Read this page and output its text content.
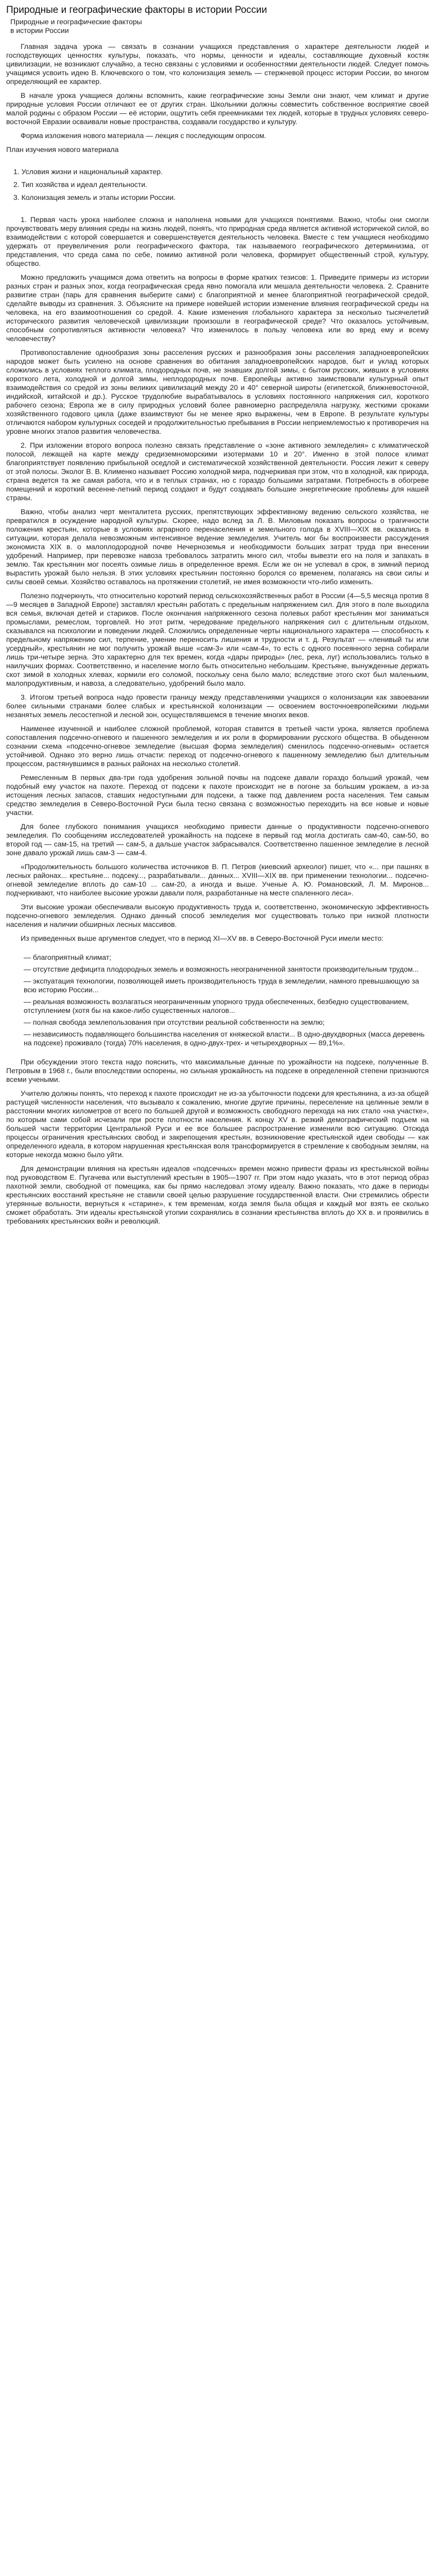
Природные и географические факторы в истории России
Природные и географические факторы
в истории России

Главная задача урока — связать в сознании учащихся представления о характере деятельности людей и господствующих ценностях культуры, показать, что нормы, ценности и идеалы, составляющие духовный костяк цивилизации, не возникают случайно, а тесно связаны с условиями и особенностями деятельности людей. Следует помочь учащимся усвоить идею В. Ключевского о том, что колонизация земель — стержневой процесс истории России, во многом определяющий ее характер.

В начале урока учащиеся должны вспомнить, какие географические зоны Земли они знают, чем климат и другие природные условия России отличают ее от других стран. Школьники должны совместить собственное восприятие своей малой родины с образом России — её истории, ощутить себя преемниками тех людей, которые в трудных условиях северо-восточной Евразии осваивали новые пространства, создавали государство и культуру.

Форма изложения нового материала — лекция с последующим опросом.

План изучения нового материала

1. Условия жизни и национальный характер.
2. Тип хозяйства и идеал деятельности.
3. Колонизация земель и этапы истории России.

1. Первая часть урока наиболее сложна и наполнена новыми для учащихся понятиями. Важно, чтобы они смогли прочувствовать меру влияния среды на жизнь людей, понять, что природная среда является активной историчекой силой, во взаимодействии с которой совершается и совершенствуется деятельность человека. Вместе с тем учащиеся необходимо удержать от преувеличения роли географического фактора, так называемого географического детерминизма, от представления, что среда сама по себе, помимо активной роли человека, формирует общественный строй, культуру, общество.

Можно предложить учащимся дома ответить на вопросы в форме кратких тезисов: 1. Приведите примеры из истории разных стран и разных эпох, когда географическая среда явно помогала или мешала деятельности человека. 2. Сравните развитие стран (парь для сравнения выберите сами) с благоприятной и менее благоприятной географической средой, сделайте выводы из сравнения. 3. Объясните на примере новейшей истории изменение влияния географической среды на человека, на его взаимоотношения со средой. 4. Какие изменения глобального характера за несколько тысячелетий исторического развития человеческой цивилизации произошли в географической среде? Что оказалось устойчивым, способным сопротивляться активности человека? Что изменилось в пользу человека или во вред ему и всему человечеству?

Противопоставление однообразия зоны расселения русских и разнообразия зоны расселения западноевропейских народов может быть усилено на основе сравнения во обитания западноевропейских народов, быт и уклад которых сложились в условиях теплого климата, плодородных почв, не знавших долгой зимы, с бытом русских, живших в условиях короткого лета, холодной и долгой зимы, неплодородных почв. Европейцы активно заимствовали культурный опыт взаимодействия со средой из зоны великих цивилизаций между 20 и 40° северной широты (египетской, ближневосточной, индийской, китайской и др.). Русское трудолюбие вырабатывалось в условиях постоянного напряжения сил, короткого рабочего сезона; Европа же в силу природных условий более равномерно распределяла нагрузку, жесткими сроками хозяйственного годового цикла (даже взаимствуют бы не менее ярко выражены, чем в Европе. В результате культуры отличаются набором культурных соседей и продолжительностью пребывания в России неприемлемостью к противоречия на уровне многих этапов развития человечества.

2. При изложении второго вопроса полезно связать представление о «зоне активного земледелия» с климатической полосой, лежащей на карте между средиземноморскими изотермами 10 и 20°. Именно в этой полосе климат благоприятствует появлению прибыльной оседлой и систематической хозяйственной деятельности. Россия лежит к северу от этой полосы. Эколог В. В. Клименко называет Россию холодной мира, подчеркивая при этом, что в холодной, как природа, страна ведется та же самая работа, что и в теплых странах, но с гораздо большими затратами. Потребность в обогреве помещений и короткий весенне-летний период создают и будут создавать большие энергетические проблемы для нашей страны.

Важно, чтобы анализ черт менталитета русских, препятствующих эффективному ведению сельского хозяйства, не превратился в осуждение народной культуры. Скорее, надо вслед за Л. В. Миловым показать вопросы о трагичности положения крестьян, которые в условиях аграрного перенаселения и земельного голода в XVIII—XIX вв. оказались в ситуации, которая делала невозможным интенсивное ведение земледелия. Учитель мог бы воспроизвести рассуждения экономиста XIX в. о малоплодородной почве Нечерноземья и необходимости больших затрат труда при внесении удобрений. Например, при перевозке навоза требовалось затратить много сил, чтобы вывезти его на поля и запахать в землю. Так крестьянин мог посеять озимые лишь в определенное время. Если же он не успевал в срок, в зимний период вырастить урожай было нельзя. В этих условиях крестьянин постоянно боролся со временем, полагаясь на свои силы и силы своей семьи. Хозяйство оставалось на протяжении столетий, не имея возможности что-либо изменить.

Полезно подчеркнуть, что относительно короткий период сельскохозяйственных работ в России (4—5,5 месяца против 8—9 месяцев в Западной Европе) заставлял крестьян работать с предельным напряжением сил. Для этого в поле выходила вся семья, включая детей и стариков. После окончания напряженного сезона полевых работ крестьянин мог заниматься промыслами, ремеслом, торговлей. Но этот ритм, чередование предельного напряжения сил с длительным отдыхом, сказывался на психологии и поведении людей. Сложились определенные черты национального характера — способность к предельному напряжению сил, терпение, умение переносить лишения и трудности и т. д. Результат — «ленивый ты или усердный», крестьянин не мог получить урожай выше «сам-3» или «сам-4», то есть с одного посеянного зерна собирали лишь три-четыре зерна. Это характерно для тех времен, когда «дары природы» (лес, река, луг) использовались только в наилучших формах. Соответственно, и население могло быть относительно небольшим. Крестьяне, вынужденные держать скот зимой в холодных хлевах, кормили его соломой, поскольку сена было мало; вследствие этого скот был маленьким, малопродуктивным, и навоза, а следовательно, удобрений было мало.

3. Итогом третьей вопроса надо провести границу между представлениями учащихся о колонизации как завоевании более сильными странами более слабых и крестьянской колонизации — освоением восточноевропейскими людьми незанятых земель лесостепной и лесной зон, осуществлявшемся в течение многих веков.

Наименее изученной и наиболее сложной проблемой, которая ставится в третьей части урока, является проблема сопоставления подсечно-огневого и пашенного земледелия и их роли в формировании русского общества. В обыденном сознании схема «подсечно-огневое земледелие (высшая форма земледелия) сменилось подсечно-огневым» остается устойчивой. Однако это верно лишь отчасти: переход от подсечно-огневого к пашенному земледелию был длительным процессом, растянувшимся в разных районах на несколько столетий.

Ремесленным В первых два-три года удобрения зольной почвы на подсеке давали гораздо больший урожай, чем подобный ему участок на пахоте. Переход от подсеки к пахоте происходит не в погоне за большим урожаем, а из-за истощения лесных запасов, ставших недоступными для подсеки, а также под давлением роста населения. Тем самым средство земледелия в Северо-Восточной Руси была тесно связана с возможностью переходить на все новые и новые участки.

Для более глубокого понимания учащихся необходимо привести данные о продуктивности подсечно-огневого земледелия. По сообщениям исследователей урожайность на подсеке в первый год могла достигать сам-40, сам-50, во второй год — сам-15, на третий — сам-5, а дальше участок забрасывался. Соответственно пашенное земледелие в лесной зоне давало урожай лишь сам-3 — сам-4.

«Продолжительность большого количества источников В. П. Петров (киевский археолог) пишет, что «... при пашнях в лесных районах... крестьяне... подсеку..., разрабатывали... данных... XVIII—XIX вв. при применении технологии... подсечно-огневой земледелие вплоть до сам-10 ... сам-20, а иногда и выше. Ученые А. Ю. Романовский, Л. М. Миронов... подчеркивают, что наиболее высокие урожаи давали поля, разработанные на месте спаленного леса».

Эти высокие урожаи обеспечивали высокую продуктивность труда и, соответственно, экономическую эффективность подсечно-огневого земледелия. Однако данный способ земледелия мог существовать только при низкой плотности населения и наличии обширных лесных массивов.

Из приведенных выше аргументов следует, что в период XI—XV вв. в Северо-Восточной Руси имели место:

— благоприятный климат;
— отсутствие дефицита плодородных земель и возможность неограниченной занятости производительным трудом...
— экспуатация технологии, позволяющей иметь производительность труда в земледелии, намного превышающую за всю историю России...
— реальная возможность возлагаться неограниченным упорного труда обеспеченных, безбедно существованием, отступлением (хотя бы на какое-либо существенных налогов...
— полная свобода землепользования при отсутствии реальной собственности на землю;
— независимость подавляющего большинства населения от княжеской власти... В одно-двухдворных (масса деревень на подсеке) проживало (тогда) 70% населения, в одно-двух-трех- и четырехдворных — 89,1%».

При обсуждении этого текста надо пояснить, что максимальные данные по урожайности на подсеке, полученные В. Петровым в 1968 г., были впоследствии оспорены, но сильная урожайность на подсеке в определенной степени признаются всеми учеными.

Учителю должны понять, что переход к пахоте происходит не из-за убыточности подсеки для крестьянина, а из-за общей растущей численности населения, что вызывало к сожалению, многие другие причины, переселение на целинные земли в расстоянии многих километров от всего по большей другой и возможность свободного перехода на них стало «на участке», по которым сами собой исчезали при росте плотности населения. К концу XV в. резкий демографический подъем на большей части территории Центральной Руси и ее все большее распространение изменили всю ситуацию. Отсюда процессы ограничения крестьянских свобод и закрепощения крестьян, возникновение крестьянской идеи свободы — как определенного идеала, в котором нарушенная крестьянская воля трансформируется в стремление к свободным землям, на которые некогда можно было уйти.

Для демонстрации влияния на крестьян идеалов «подсечных» времен можно привести фразы из крестьянской войны под руководством Е. Пугачева или выступлений крестьян в 1905—1907 гг. При этом надо указать, что в этот период образ пахотной земли, свободной от помещика, как бы прямо наследовал этому идеалу. Важно показать, что даже в периоды крестьянских восстаний крестьяне не ставили своей целью разрушение государственной власти. Они стремились обрести утерянные вольности, вернуться к «старине», к тем временам, когда земля была общая и каждый мог взять ее сколько сможет обработать. Эти идеалы крестьянской утопии сохранялись в сознании крестьянства вплоть до XX в. и проявились в требованиях крестьянских войн и революций.
